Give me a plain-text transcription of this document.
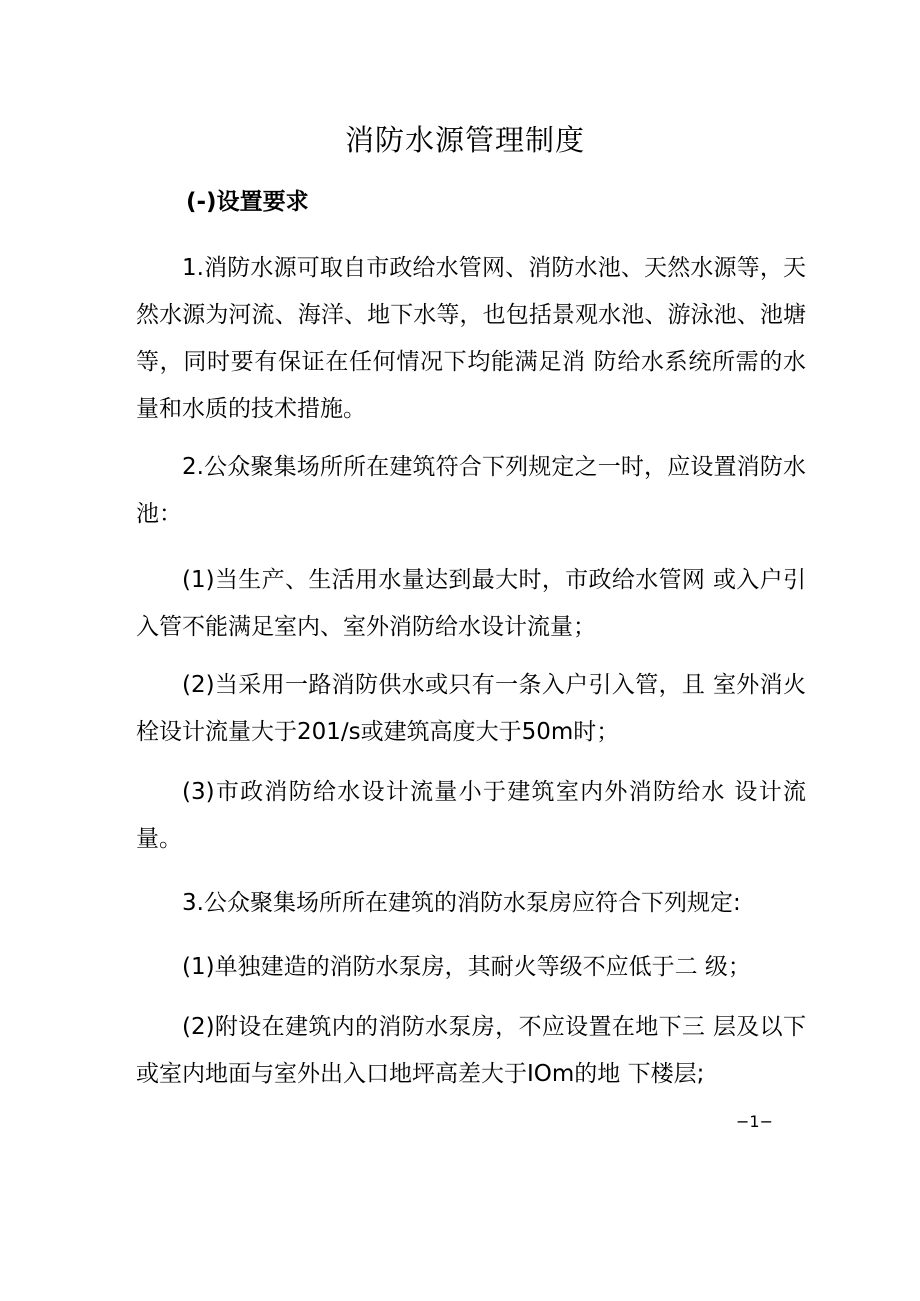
消防水源管理制度
(-)设置要求
1.消防水源可取自市政给水管网、消防水池、天然水源等，天然水源为河流、海洋、地下水等，也包括景观水池、游泳池、池塘等，同时要有保证在任何情况下均能满足消 防给水系统所需的水量和水质的技术措施。
2.公众聚集场所所在建筑符合下列规定之一时，应设置消防水池：
(1)当生产、生活用水量达到最大时，市政给水管网 或入户引入管不能满足室内、室外消防给水设计流量；
(2)当采用一路消防供水或只有一条入户引入管，且 室外消火栓设计流量大于201∕s或建筑高度大于50m时；
(3)市政消防给水设计流量小于建筑室内外消防给水 设计流量。
3.公众聚集场所所在建筑的消防水泵房应符合下列规定:
(1)单独建造的消防水泵房，其耐火等级不应低于二 级；
(2)附设在建筑内的消防水泵房，不应设置在地下三 层及以下或室内地面与室外出入口地坪高差大于IOm的地 下楼层;
−1−
